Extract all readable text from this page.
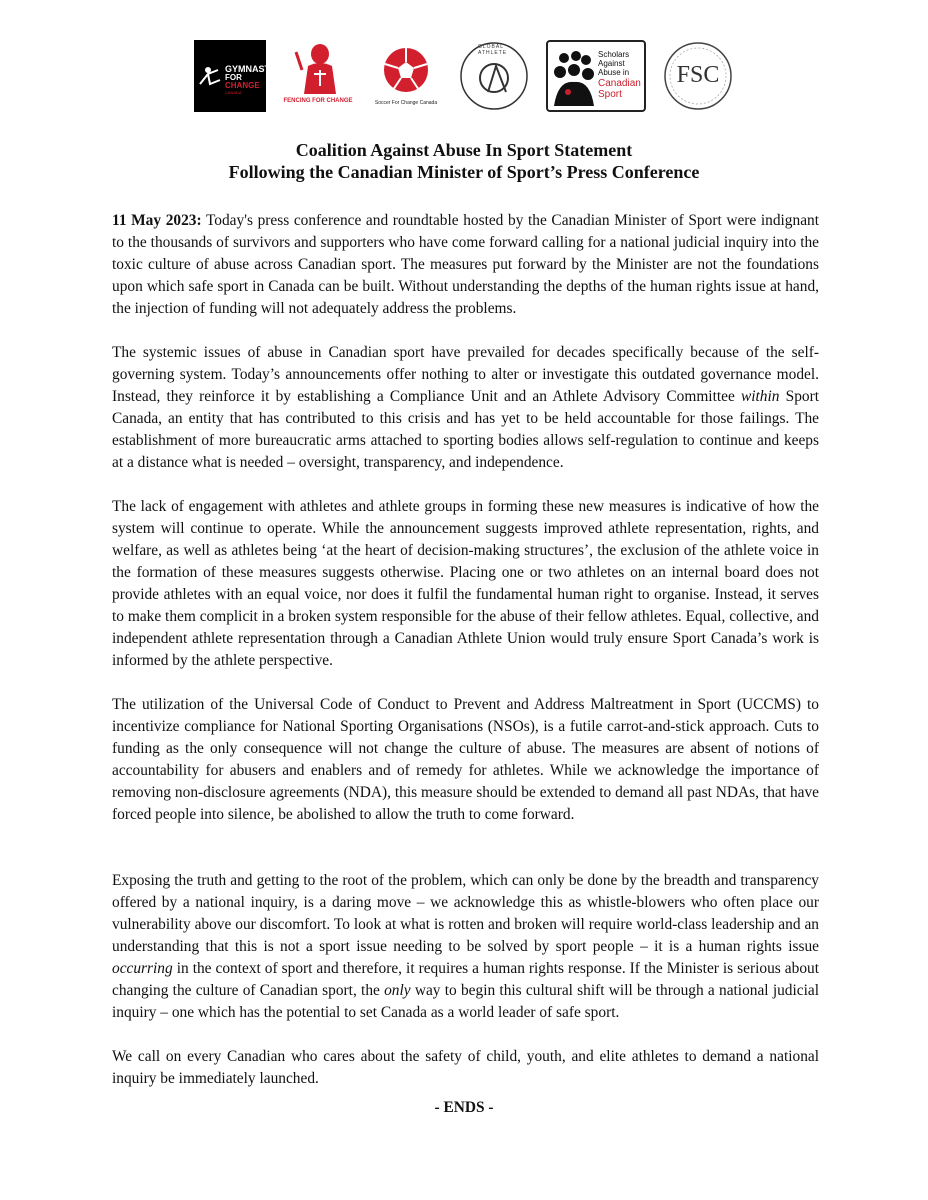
GYMNASTS
FOR
CHANGE
CANADA
FENCING FOR CHANGE	Soccer For Change Canada
GLOBAL ATHLETE	Scholars
Against
Abuse in
Canadian
Sport
FSC
Coalition Against Abuse In Sport Statement
Following the Canadian Minister of Sport’s Press Conference

11 May 2023: Today's press conference and roundtable hosted by the Canadian Minister of Sport were indignant to the thousands of survivors and supporters who have come forward calling for a national judicial inquiry into the toxic culture of abuse across Canadian sport. The measures put forward by the Minister are not the foundations upon which safe sport in Canada can be built. Without understanding the depths of the human rights issue at hand, the injection of funding will not adequately address the problems.

The systemic issues of abuse in Canadian sport have prevailed for decades specifically because of the self-governing system. Today’s announcements offer nothing to alter or investigate this outdated governance model. Instead, they reinforce it by establishing a Compliance Unit and an Athlete Advisory Committee within Sport Canada, an entity that has contributed to this crisis and has yet to be held accountable for those failings. The establishment of more bureaucratic arms attached to sporting bodies allows self-regulation to continue and keeps at a distance what is needed – oversight, transparency, and independence.

The lack of engagement with athletes and athlete groups in forming these new measures is indicative of how the system will continue to operate. While the announcement suggests improved athlete representation, rights, and welfare, as well as athletes being ‘at the heart of decision-making structures’, the exclusion of the athlete voice in the formation of these measures suggests otherwise. Placing one or two athletes on an internal board does not provide athletes with an equal voice, nor does it fulfil the fundamental human right to organise. Instead, it serves to make them complicit in a broken system responsible for the abuse of their fellow athletes. Equal, collective, and independent athlete representation through a Canadian Athlete Union would truly ensure Sport Canada’s work is informed by the athlete perspective.

The utilization of the Universal Code of Conduct to Prevent and Address Maltreatment in Sport (UCCMS) to incentivize compliance for National Sporting Organisations (NSOs), is a futile carrot-and-stick approach. Cuts to funding as the only consequence will not change the culture of abuse. The measures are absent of notions of accountability for abusers and enablers and of remedy for athletes. While we acknowledge the importance of removing non-disclosure agreements (NDA), this measure should be extended to demand all past NDAs, that have forced people into silence, be abolished to allow the truth to come forward.

Exposing the truth and getting to the root of the problem, which can only be done by the breadth and transparency offered by a national inquiry, is a daring move – we acknowledge this as whistle-blowers who often place our vulnerability above our discomfort. To look at what is rotten and broken will require world-class leadership and an understanding that this is not a sport issue needing to be solved by sport people – it is a human rights issue occurring in the context of sport and therefore, it requires a human rights response. If the Minister is serious about changing the culture of Canadian sport, the only way to begin this cultural shift will be through a national judicial inquiry – one which has the potential to set Canada as a world leader of safe sport.

We call on every Canadian who cares about the safety of child, youth, and elite athletes to demand a national inquiry be immediately launched.

- ENDS -
